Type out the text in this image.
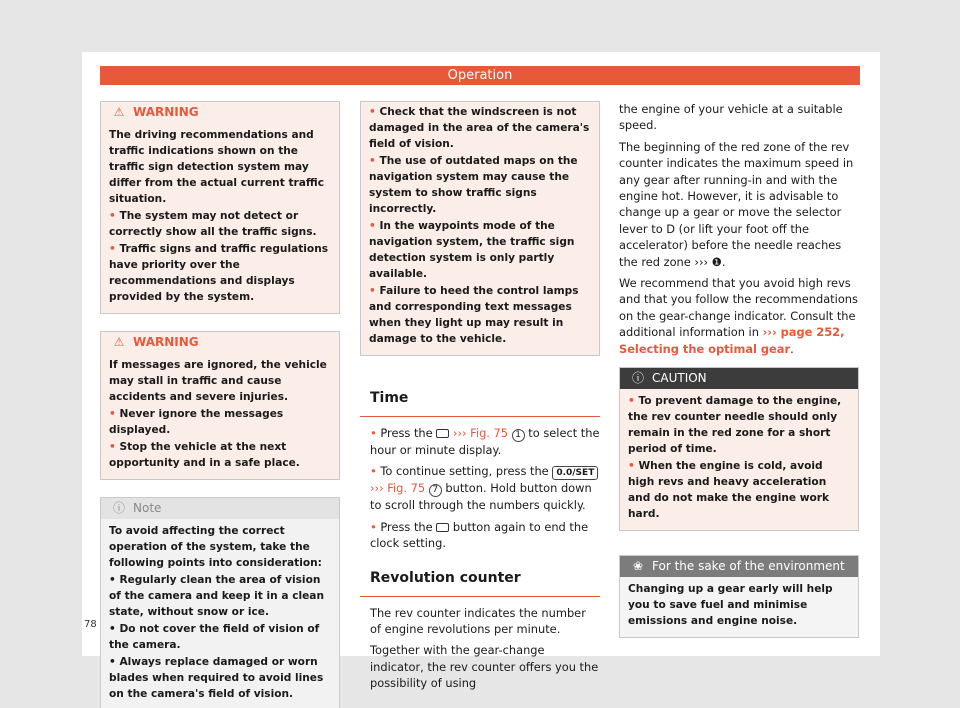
Operation
⚠ WARNING

The driving recommendations and traffic indications shown on the traffic sign detection system may differ from the actual current traffic situation.

• The system may not detect or correctly show all the traffic signs.

• Traffic signs and traffic regulations have priority over the recommendations and displays provided by the system.

⚠ WARNING

If messages are ignored, the vehicle may stall in traffic and cause accidents and severe injuries.

• Never ignore the messages displayed.

• Stop the vehicle at the next opportunity and in a safe place.

ⓘ Note

To avoid affecting the correct operation of the system, take the following points into consideration:

• Regularly clean the area of vision of the camera and keep it in a clean state, without snow or ice.

• Do not cover the field of vision of the camera.

• Always replace damaged or worn blades when required to avoid lines on the camera's field of vision.

• Check that the windscreen is not damaged in the area of the camera's field of vision.

• The use of outdated maps on the navigation system may cause the system to show traffic signs incorrectly.

• In the waypoints mode of the navigation system, the traffic sign detection system is only partly available.

• Failure to heed the control lamps and corresponding text messages when they light up may result in damage to the vehicle.

Time

• Press the ››› Fig. 75 1 to select the hour or minute display.

• To continue setting, press the 0.0/SET ››› Fig. 75 7 button. Hold button down to scroll through the numbers quickly.

• Press the button again to end the clock setting.

Revolution counter

The rev counter indicates the number of engine revolutions per minute.

Together with the gear-change indicator, the rev counter offers you the possibility of using

the engine of your vehicle at a suitable speed.

The beginning of the red zone of the rev counter indicates the maximum speed in any gear after running-in and with the engine hot. However, it is advisable to change up a gear or move the selector lever to D (or lift your foot off the accelerator) before the needle reaches the red zone ››› ❶.

We recommend that you avoid high revs and that you follow the recommendations on the gear-change indicator. Consult the additional information in ››› page 252, Selecting the optimal gear.

ⓘ CAUTION

• To prevent damage to the engine, the rev counter needle should only remain in the red zone for a short period of time.

• When the engine is cold, avoid high revs and heavy acceleration and do not make the engine work hard.

❀ For the sake of the environment

Changing up a gear early will help you to save fuel and minimise emissions and engine noise.

78
